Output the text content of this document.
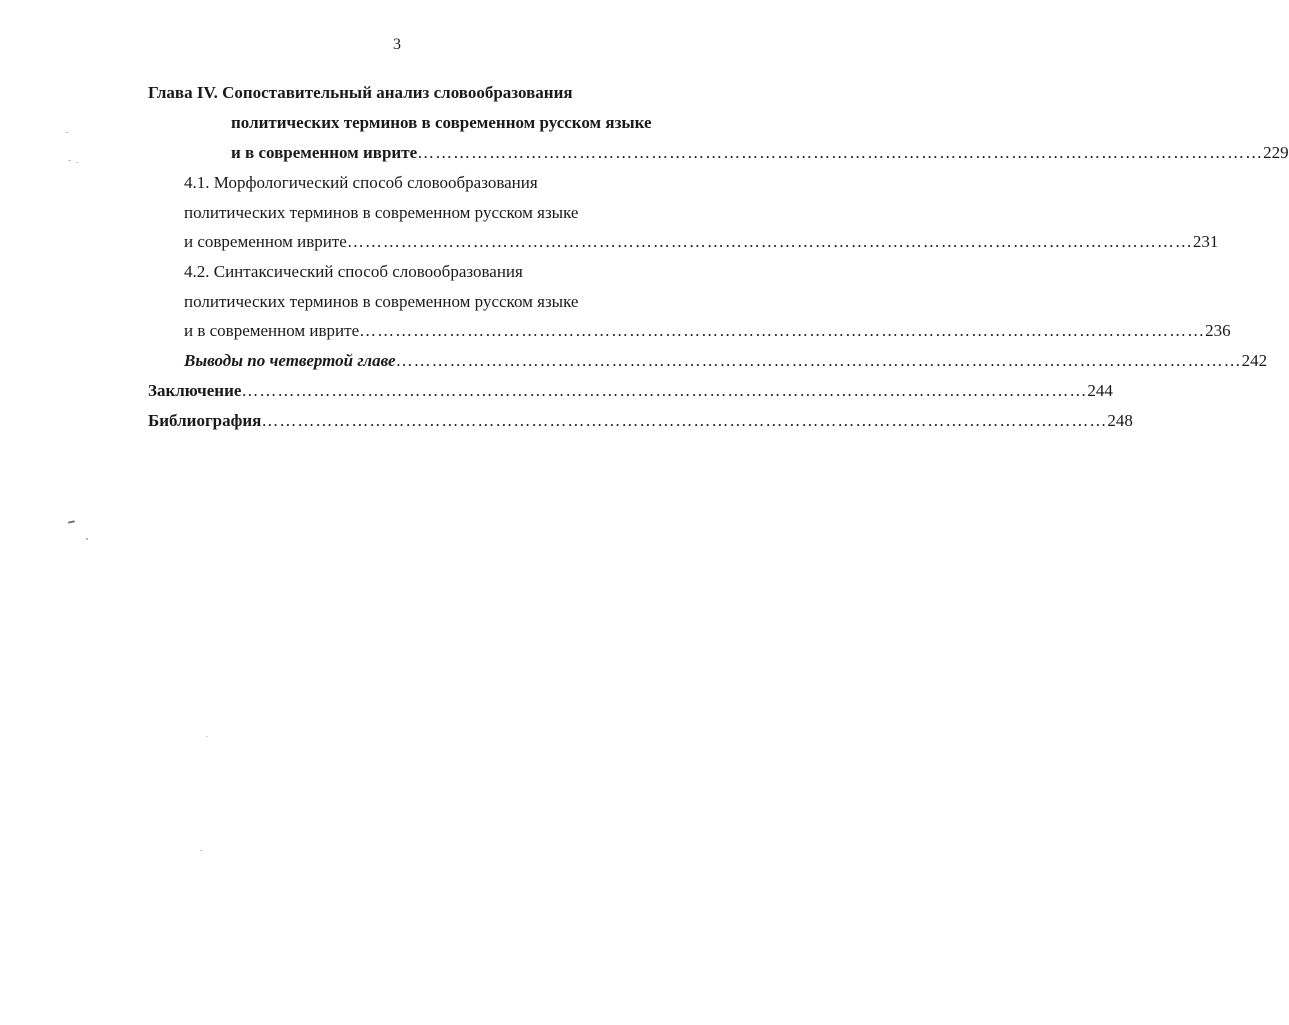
3
Глава IV. Сопоставительный анализ словообразования
политических терминов в современном русском языке
и в современном иврите …………………………………………………………………………………………………………………………… 229
4.1. Морфологический способ словообразования
политических терминов в современном русском языке
и современном иврите …………………………………………………………………………………………………………………………… 231
4.2. Синтаксический способ словообразования
политических терминов в современном русском языке
и в современном иврите …………………………………………………………………………………………………………………………… 236
Выводы по четвертой главе …………………………………………………………………………………………………………………………… 242
Заключение …………………………………………………………………………………………………………………………… 244
Библиография …………………………………………………………………………………………………………………………… 248
